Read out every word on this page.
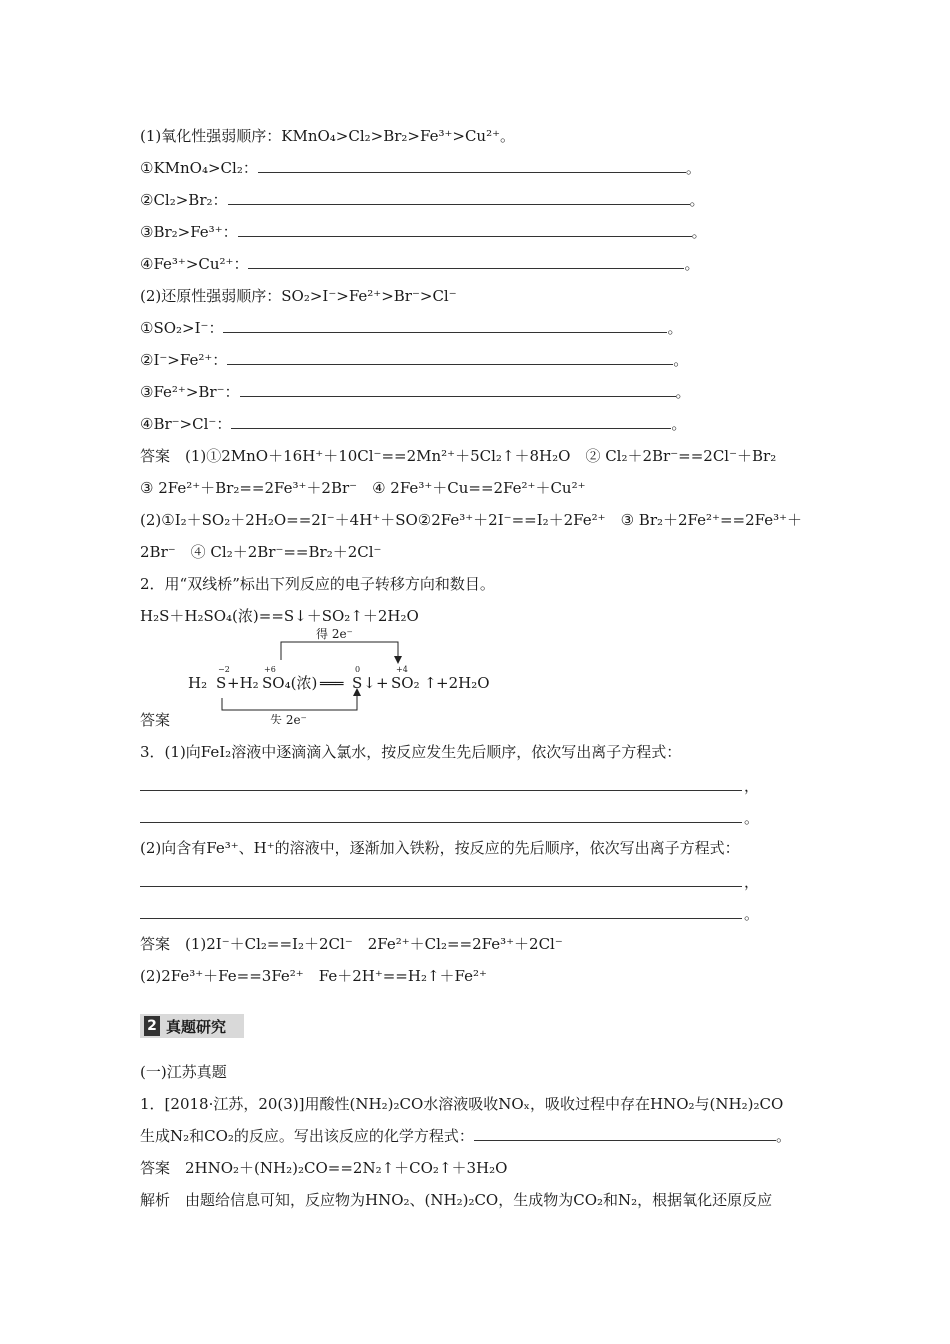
(1)氧化性强弱顺序：KMnO₄>Cl₂>Br₂>Fe³⁺>Cu²⁺。
①KMnO₄>Cl₂：	。
②Cl₂>Br₂：	。
③Br₂>Fe³⁺：	。
④Fe³⁺>Cu²⁺：	。
(2)还原性强弱顺序：SO₂>I⁻>Fe²⁺>Br⁻>Cl⁻
①SO₂>I⁻：	。
②I⁻>Fe²⁺：	。
③Fe²⁺>Br⁻：	。
④Br⁻>Cl⁻：	。
答案　(1)①2MnO＋16H⁺＋10Cl⁻==2Mn²⁺＋5Cl₂↑＋8H₂O　② Cl₂＋2Br⁻==2Cl⁻＋Br₂
③ 2Fe²⁺＋Br₂==2Fe³⁺＋2Br⁻　④ 2Fe³⁺＋Cu==2Fe²⁺＋Cu²⁺
(2)①I₂＋SO₂＋2H₂O==2I⁻＋4H⁺＋SO②2Fe³⁺＋2I⁻==I₂＋2Fe²⁺　③ Br₂＋2Fe²⁺==2Fe³⁺＋
2Br⁻　④ Cl₂＋2Br⁻==Br₂＋2Cl⁻
2．用“双线桥”标出下列反应的电子转移方向和数目。
H₂S＋H₂SO₄(浓)==S↓＋SO₂↑＋2H₂O
得 2e⁻
失 2e⁻
−2	+6	0	+4
H₂ S +H₂ SO₄(浓) ═══ S ↓ + SO₂ ↑ +2H₂O
答案
3．(1)向FeI₂溶液中逐滴滴入氯水，按反应发生先后顺序，依次写出离子方程式：
，
。
(2)向含有Fe³⁺、H⁺的溶液中，逐渐加入铁粉，按反应的先后顺序，依次写出离子方程式：
，
。
答案　(1)2I⁻＋Cl₂==I₂＋2Cl⁻　2Fe²⁺＋Cl₂==2Fe³⁺＋2Cl⁻
(2)2Fe³⁺＋Fe==3Fe²⁺　Fe＋2H⁺==H₂↑＋Fe²⁺
2 真题研究
(一)江苏真题
1．[2018·江苏，20(3)]用酸性(NH₂)₂CO水溶液吸收NOₓ，吸收过程中存在HNO₂与(NH₂)₂CO
生成N₂和CO₂的反应。写出该反应的化学方程式：	。
答案　2HNO₂＋(NH₂)₂CO==2N₂↑＋CO₂↑＋3H₂O
解析　由题给信息可知，反应物为HNO₂、(NH₂)₂CO，生成物为CO₂和N₂，根据氧化还原反应
